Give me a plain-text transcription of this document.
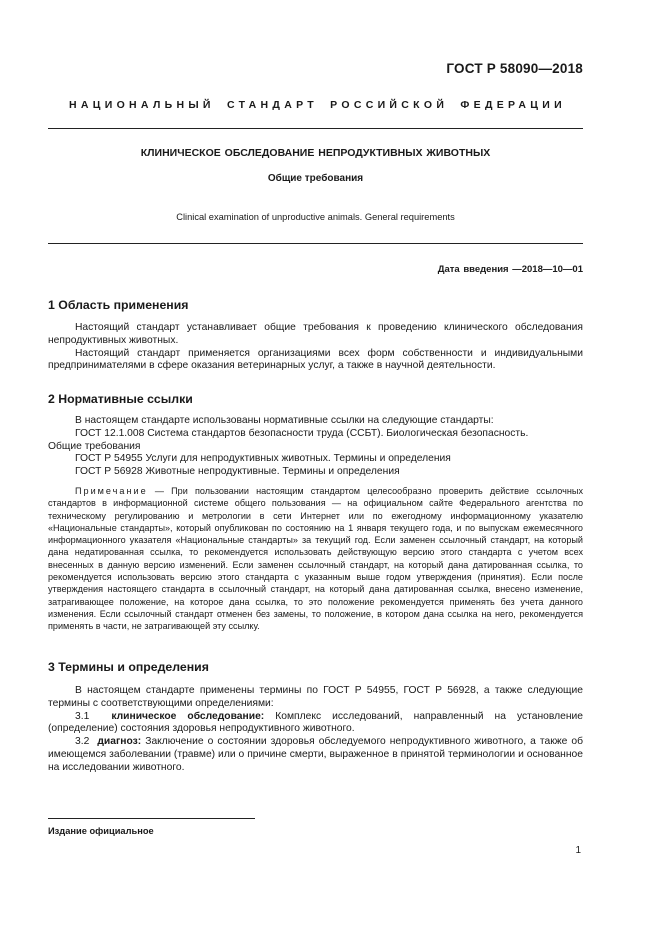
ГОСТ Р 58090—2018
НАЦИОНАЛЬНЫЙ СТАНДАРТ РОССИЙСКОЙ ФЕДЕРАЦИИ
КЛИНИЧЕСКОЕ ОБСЛЕДОВАНИЕ НЕПРОДУКТИВНЫХ ЖИВОТНЫХ
Общие требования
Clinical examination of unproductive animals. General requirements
Дата введения —2018—10—01
1 Область применения

Настоящий стандарт устанавливает общие требования к проведению клинического обследования непродуктивных животных.

Настоящий стандарт применяется организациями всех форм собственности и индивидуальными предпринимателями в сфере оказания ветеринарных услуг, а также в научной деятельности.

2 Нормативные ссылки

В настоящем стандарте использованы нормативные ссылки на следующие стандарты:

ГОСТ 12.1.008 Система стандартов безопасности труда (ССБТ). Биологическая безопасность.

Общие требования

ГОСТ Р 54955 Услуги для непродуктивных животных. Термины и определения

ГОСТ Р 56928 Животные непродуктивные. Термины и определения

Примечание — При пользовании настоящим стандартом целесообразно проверить действие ссылочных стандартов в информационной системе общего пользования — на официальном сайте Федерального агентства по техническому регулированию и метрологии в сети Интернет или по ежегодному информационному указателю «Национальные стандарты», который опубликован по состоянию на 1 января текущего года, и по выпускам ежемесячного информационного указателя «Национальные стандарты» за текущий год. Если заменен ссылочный стандарт, на который дана недатированная ссылка, то рекомендуется использовать действующую версию этого стандарта с учетом всех внесенных в данную версию изменений. Если заменен ссылочный стандарт, на который дана датированная ссылка, то рекомендуется использовать версию этого стандарта с указанным выше годом утверждения (принятия). Если после утверждения настоящего стандарта в ссылочный стандарт, на который дана датированная ссылка, внесено изменение, затрагивающее положение, на которое дана ссылка, то это положение рекомендуется применять без учета данного изменения. Если ссылочный стандарт отменен без замены, то положение, в котором дана ссылка на него, рекомендуется применять в части, не затрагивающей эту ссылку.

3 Термины и определения

В настоящем стандарте применены термины по ГОСТ Р 54955, ГОСТ Р 56928, а также следующие термины с соответствующими определениями:

3.1 клиническое обследование: Комплекс исследований, направленный на установление (определение) состояния здоровья непродуктивного животного.

3.2 диагноз: Заключение о состоянии здоровья обследуемого непродуктивного животного, а также об имеющемся заболевании (травме) или о причине смерти, выраженное в принятой терминологии и основанное на исследовании животного.

Издание официальное
1
